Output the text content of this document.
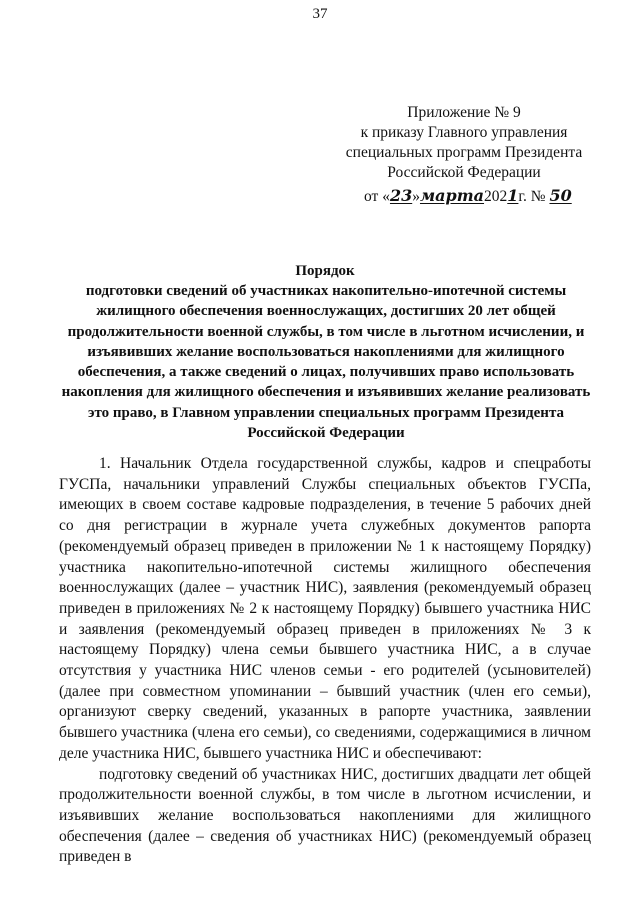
37
Приложение № 9
к приказу Главного управления
специальных программ Президента
Российской Федерации
от «23»марта2021г. № 50
Порядок
подготовки сведений об участниках накопительно-ипотечной системы жилищного обеспечения военнослужащих, достигших 20 лет общей продолжительности военной службы, в том числе в льготном исчислении, и изъявивших желание воспользоваться накоплениями для жилищного обеспечения, а также сведений о лицах, получивших право использовать накопления для жилищного обеспечения и изъявивших желание реализовать это право, в Главном управлении специальных программ Президента Российской Федерации

1. Начальник Отдела государственной службы, кадров и спецработы ГУСПа, начальники управлений Службы специальных объектов ГУСПа, имеющих в своем составе кадровые подразделения, в течение 5 рабочих дней со дня регистрации в журнале учета служебных документов рапорта (рекомендуемый образец приведен в приложении № 1 к настоящему Порядку) участника накопительно-ипотечной системы жилищного обеспечения военнослужащих (далее – участник НИС), заявления (рекомендуемый образец приведен в приложениях № 2 к настоящему Порядку) бывшего участника НИС и заявления (рекомендуемый образец приведен в приложениях № 3 к настоящему Порядку) члена семьи бывшего участника НИС, а в случае отсутствия у участника НИС членов семьи - его родителей (усыновителей) (далее при совместном упоминании – бывший участник (член его семьи), организуют сверку сведений, указанных в рапорте участника, заявлении бывшего участника (члена его семьи), со сведениями, содержащимися в личном деле участника НИС, бывшего участника НИС и обеспечивают:

подготовку сведений об участниках НИС, достигших двадцати лет общей продолжительности военной службы, в том числе в льготном исчислении, и изъявивших желание воспользоваться накоплениями для жилищного обеспечения (далее – сведения об участниках НИС) (рекомендуемый образец приведен в
